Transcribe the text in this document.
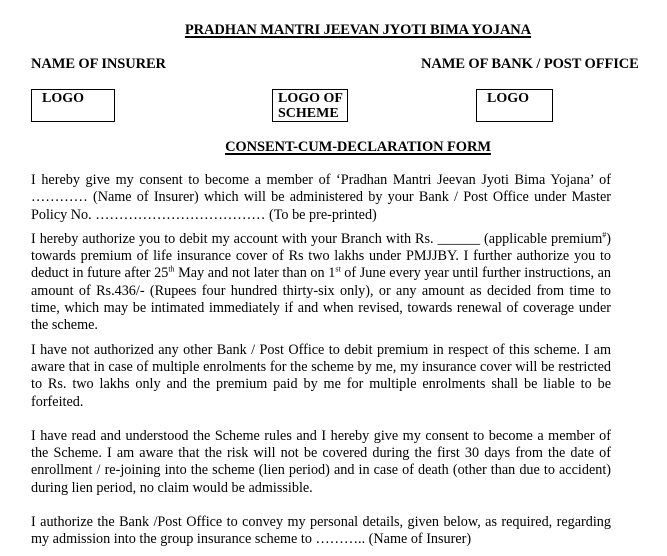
PRADHAN MANTRI JEEVAN JYOTI BIMA YOJANA
NAME OF INSURER	NAME OF BANK / POST OFFICE
LOGO	LOGO OF
SCHEME
LOGO
CONSENT-CUM-DECLARATION FORM

I hereby give my consent to become a member of ‘Pradhan Mantri Jeevan Jyoti Bima Yojana’ of ………… (Name of Insurer) which will be administered by your Bank / Post Office under Master Policy No. ……………………………… (To be pre-printed)

I hereby authorize you to debit my account with your Branch with Rs. ______ (applicable premium#) towards premium of life insurance cover of Rs two lakhs under PMJJBY. I further authorize you to deduct in future after 25th May and not later than on 1st of June every year until further instructions, an amount of Rs.436/- (Rupees four hundred thirty-six only), or any amount as decided from time to time, which may be intimated immediately if and when revised, towards renewal of coverage under the scheme.

I have not authorized any other Bank / Post Office to debit premium in respect of this scheme. I am aware that in case of multiple enrolments for the scheme by me, my insurance cover will be restricted to Rs. two lakhs only and the premium paid by me for multiple enrolments shall be liable to be forfeited.

I have read and understood the Scheme rules and I hereby give my consent to become a member of the Scheme. I am aware that the risk will not be covered during the first 30 days from the date of enrollment / re-joining into the scheme (lien period) and in case of death (other than due to accident) during lien period, no claim would be admissible.

I authorize the Bank /Post Office to convey my personal details, given below, as required, regarding my admission into the group insurance scheme to ……….. (Name of Insurer)
